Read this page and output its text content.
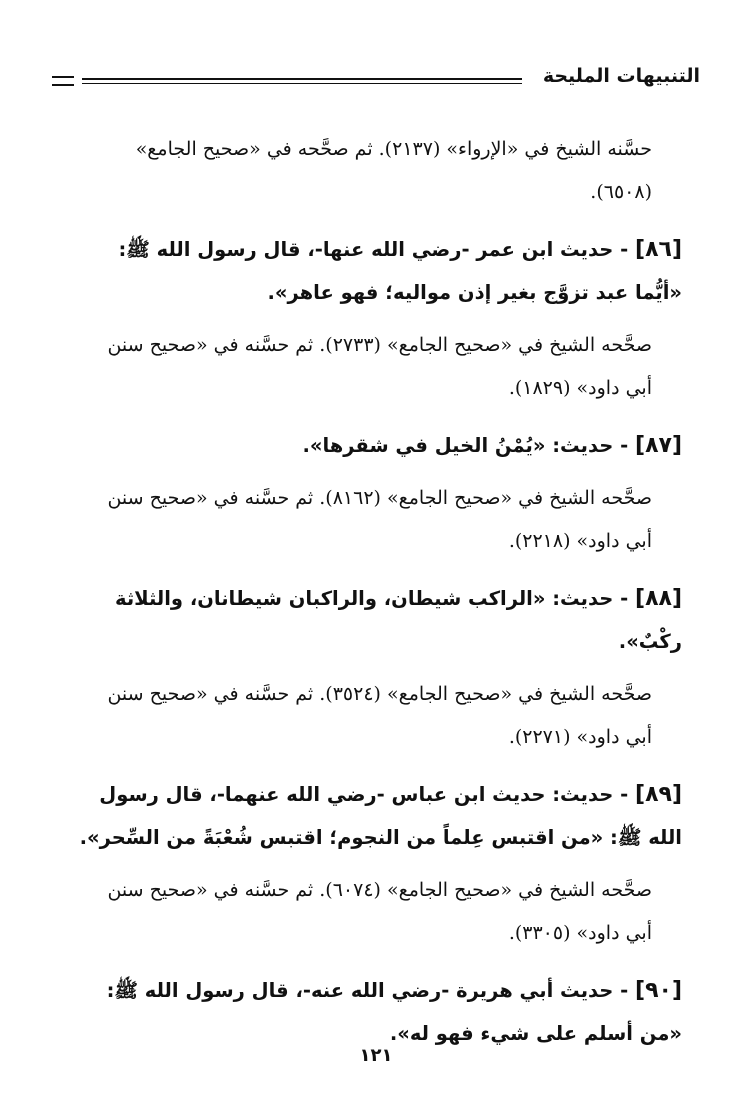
التنبيهات المليحة

حسَّنه الشيخ في «الإرواء» (٢١٣٧). ثم صحَّحه في «صحيح الجامع»
(٦٥٠٨).

[٨٦] - حديث ابن عمر -رضي الله عنها-، قال رسول الله ﷺ:
«أيُّما عبد تزوَّج بغير إذن مواليه؛ فهو عاهر».

صحَّحه الشيخ في «صحيح الجامع» (٢٧٣٣). ثم حسَّنه في «صحيح سنن
أبي داود» (١٨٢٩).

[٨٧] - حديث: «يُمْنُ الخيل في شقرها».

صحَّحه الشيخ في «صحيح الجامع» (٨١٦٢). ثم حسَّنه في «صحيح سنن
أبي داود» (٢٢١٨).

[٨٨] - حديث: «الراكب شيطان، والراكبان شيطانان، والثلاثة
ركْبٌ».

صحَّحه الشيخ في «صحيح الجامع» (٣٥٢٤). ثم حسَّنه في «صحيح سنن
أبي داود» (٢٢٧١).

[٨٩] - حديث: حديث ابن عباس -رضي الله عنهما-، قال رسول
الله ﷺ: «من اقتبس عِلماً من النجوم؛ اقتبس شُعْبَةً من السِّحر».

صحَّحه الشيخ في «صحيح الجامع» (٦٠٧٤). ثم حسَّنه في «صحيح سنن
أبي داود» (٣٣٠٥).

[٩٠] - حديث أبي هريرة -رضي الله عنه-، قال رسول الله ﷺ:
«من أسلم على شيء فهو له».

١٢١
